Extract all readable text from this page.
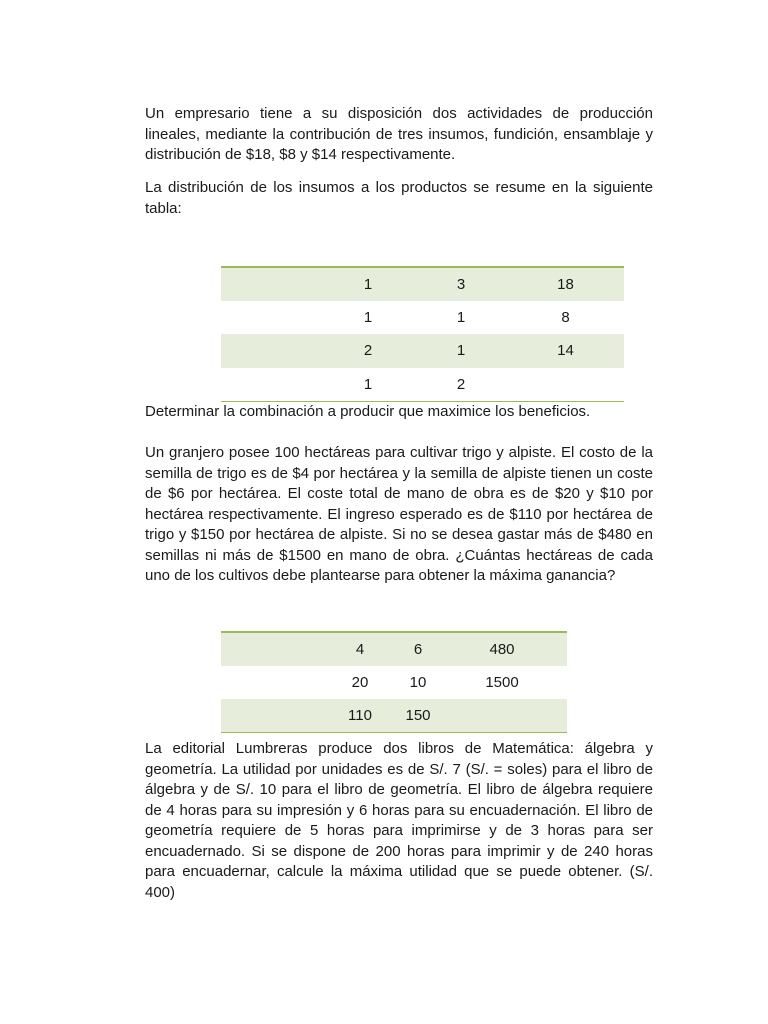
Un empresario tiene a su disposición dos actividades de producción lineales, mediante la contribución de tres insumos, fundición, ensamblaje y distribución de $18, $8 y $14 respectivamente.

La distribución de los insumos a los productos se resume en la siguiente tabla:

	1	3	18
	1	1	8
	2	1	14
	1	2	

Determinar la combinación a producir que maximice los beneficios.

Un granjero posee 100 hectáreas para cultivar trigo y alpiste. El costo de la semilla de trigo es de $4 por hectárea y la semilla de alpiste tienen un coste de $6 por hectárea. El coste total de mano de obra es de $20 y $10 por hectárea respectivamente. El ingreso esperado es de $110 por hectárea de trigo y $150 por hectárea de alpiste. Si no se desea gastar más de $480 en semillas ni más de $1500 en mano de obra. ¿Cuántas hectáreas de cada uno de los cultivos debe plantearse para obtener la máxima ganancia?

	4	6	480
	20	10	1500
	110	150	

La editorial Lumbreras produce dos libros de Matemática: álgebra y geometría. La utilidad por unidades es de S/. 7 (S/. = soles) para el libro de álgebra y de S/. 10 para el libro de geometría. El libro de álgebra requiere de 4 horas para su impresión y 6 horas para su encuadernación. El libro de geometría requiere de 5 horas para imprimirse y de 3 horas para ser encuadernado. Si se dispone de 200 horas para imprimir y de 240 horas para encuadernar, calcule la máxima utilidad que se puede obtener. (S/. 400)
